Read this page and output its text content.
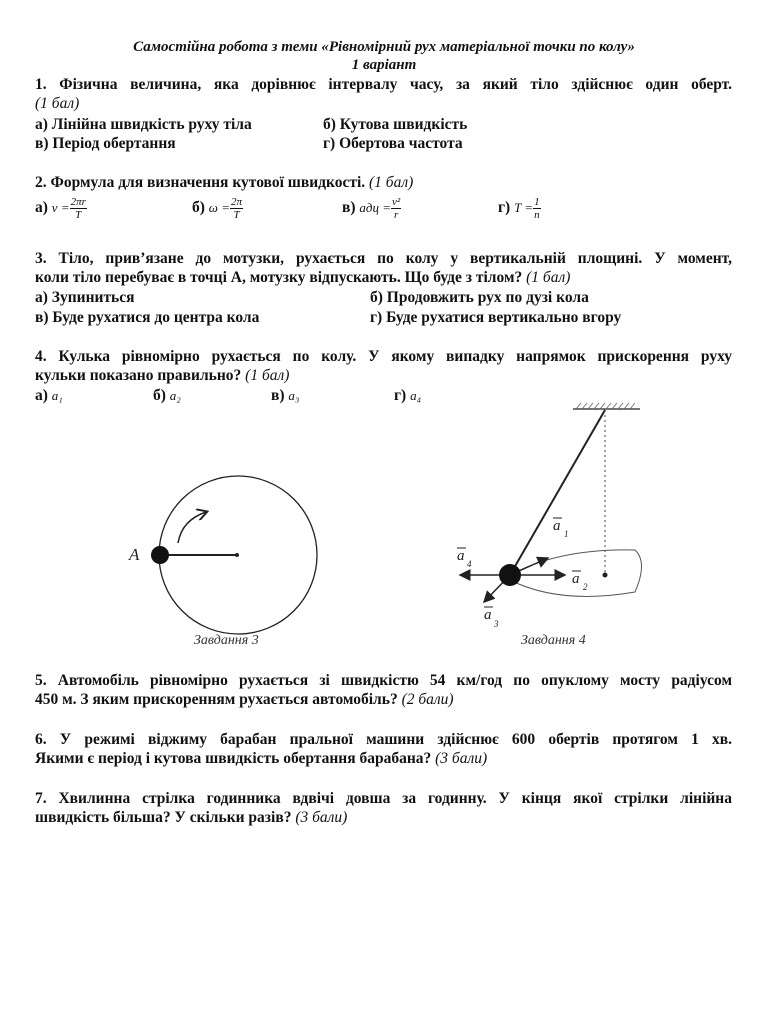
Самостійна робота з теми «Рівномірний рух матеріальної точки по колу»
1 варіант
1. Фізична величина, яка дорівнює інтервалу часу, за який тіло здійснює один оберт.
(1 бал)
а) Лінійна швидкість руху тіла	б) Кутова швидкість
в) Період обертання	г) Обертова частота
2. Формула для визначення кутової швидкості. (1 бал)
а) $v = \frac{2\pi r}{T}$	б) $\omega = \frac{2\pi}{T}$	в) aдц = $\frac{\text{v²}}{r}$	г) $T = \frac{1}{n}$
3. Тіло, прив’язане до мотузки, рухається по колу у вертикальній площині. У момент,
коли тіло перебуває в точці A, мотузку відпускають. Що буде з тілом? (1 бал)
а) Зупиниться	б) Продовжить рух по дузі кола
в) Буде рухатися до центра кола	г) Буде рухатися вертикально вгору
4. Кулька рівномірно рухається по колу. У якому випадку напрямок прискорення руху
кульки показано правильно? (1 бал)
а) a₁	б) a₂	в) a₃	г) a₄
A
Завдання 3
a 1
a 2
a
3
a 4
Завдання 4
5. Автомобіль рівномірно рухається зі швидкістю 54 км/год по опуклому мосту радіусом
450 м. З яким прискоренням рухається автомобіль? (2 бали)
6. У режимі віджиму барабан пральної машини здійснює 600 обертів протягом 1 хв.
Якими є період і кутова швидкість обертання барабана? (3 бали)
7. Хвилинна стрілка годинника вдвічі довша за годинну. У кінця якої стрілки лінійна
швидкість більша? У скільки разів? (3 бали)
